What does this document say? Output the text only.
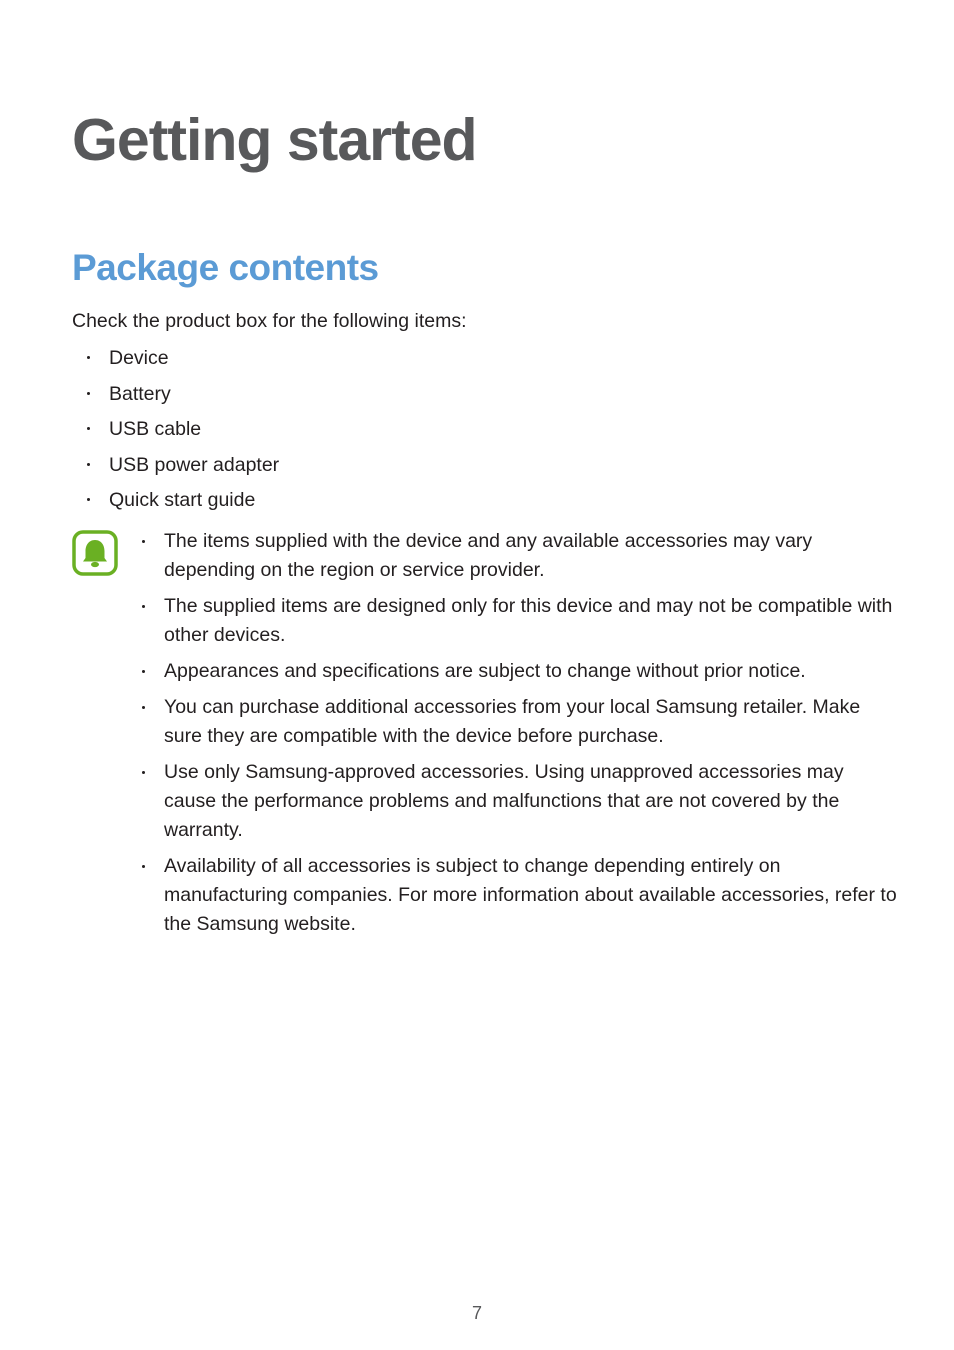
Getting started
Package contents

Check the product box for the following items:

Device
Battery
USB cable
USB power adapter
Quick start guide
The items supplied with the device and any available accessories may vary depending on the region or service provider.
The supplied items are designed only for this device and may not be compatible with other devices.
Appearances and specifications are subject to change without prior notice.
You can purchase additional accessories from your local Samsung retailer. Make sure they are compatible with the device before purchase.
Use only Samsung-approved accessories. Using unapproved accessories may cause the performance problems and malfunctions that are not covered by the warranty.
Availability of all accessories is subject to change depending entirely on manufacturing companies. For more information about available accessories, refer to the Samsung website.
7
